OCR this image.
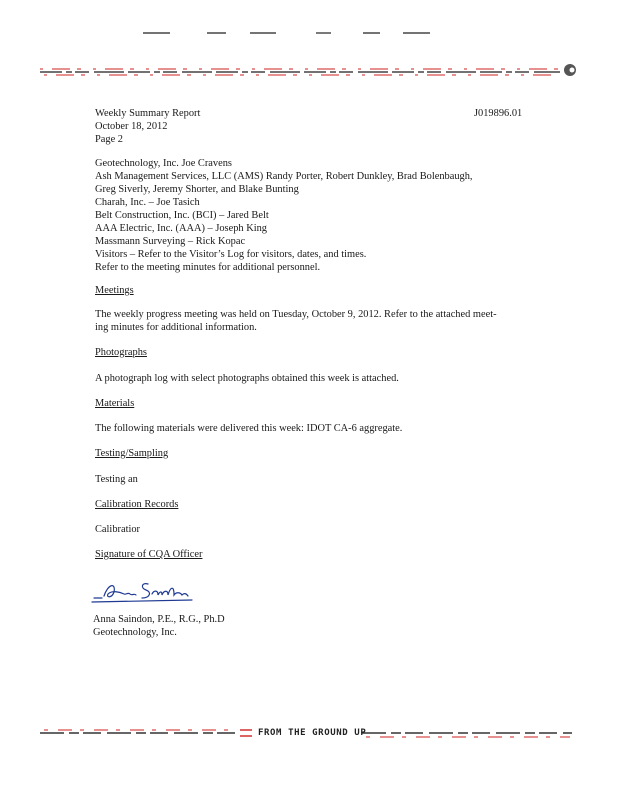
Weekly Summary Report	J019896.01
October 18, 2012
Page 2
Geotechnology, Inc. Joe Cravens
Ash Management Services, LLC (AMS) Randy Porter, Robert Dunkley, Brad Bolenbaugh,
Greg Siverly, Jeremy Shorter, and Blake Bunting
Charah, Inc. – Joe Tasich
Belt Construction, Inc. (BCI) – Jared Belt
AAA Electric, Inc. (AAA) – Joseph King
Massmann Surveying – Rick Kopac
Visitors – Refer to the Visitor’s Log for visitors, dates, and times.
Refer to the meeting minutes for additional personnel.
Meetings
The weekly progress meeting was held on Tuesday, October 9, 2012. Refer to the attached meet-
ing minutes for additional information.
Photographs
A photograph log with select photographs obtained this week is attached.
Materials
The following materials were delivered this week: IDOT CA-6 aggregate.
Testing/Sampling
Testing an
Calibration Records
Calibratior
Signature of CQA Officer
Anna Saindon, P.E., R.G., Ph.D
Geotechnology, Inc.
FROM THE GROUND UP
